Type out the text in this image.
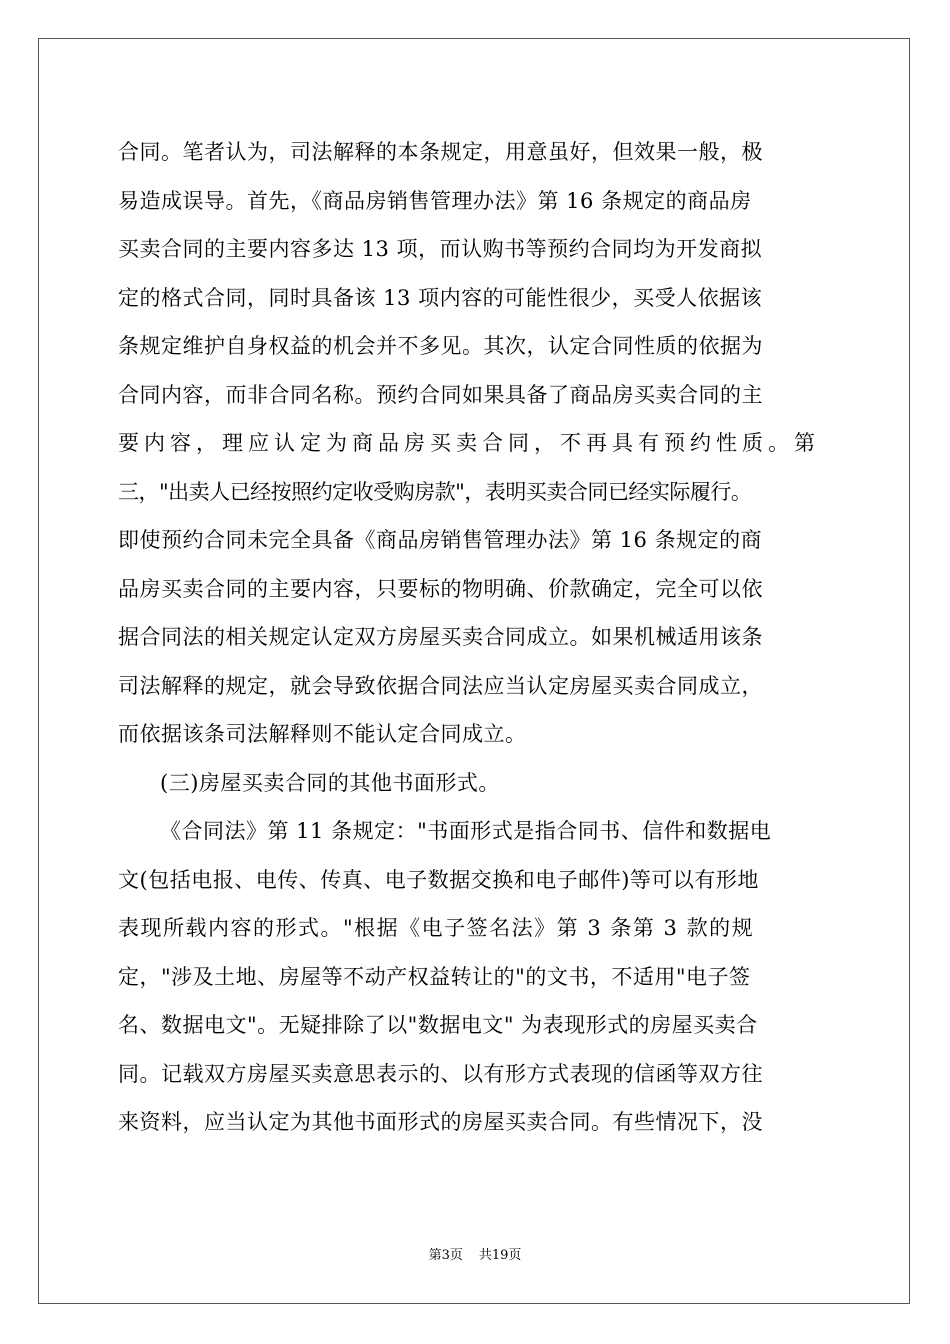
合同。笔者认为，司法解释的本条规定，用意虽好，但效果一般，极
易造成误导。首先，《商品房销售管理办法》第 16 条规定的商品房
买卖合同的主要内容多达 13 项，而认购书等预约合同均为开发商拟
定的格式合同，同时具备该 13 项内容的可能性很少，买受人依据该
条规定维护自身权益的机会并不多见。其次，认定合同性质的依据为
合同内容，而非合同名称。预约合同如果具备了商品房买卖合同的主
要内容，理应认定为商品房买卖合同，不再具有预约性质。第
三，"出卖人已经按照约定收受购房款"，表明买卖合同已经实际履行。
即使预约合同未完全具备《商品房销售管理办法》第 16 条规定的商
品房买卖合同的主要内容，只要标的物明确、价款确定，完全可以依
据合同法的相关规定认定双方房屋买卖合同成立。如果机械适用该条
司法解释的规定，就会导致依据合同法应当认定房屋买卖合同成立，
而依据该条司法解释则不能认定合同成立。
(三)房屋买卖合同的其他书面形式。
《合同法》第 11 条规定："书面形式是指合同书、信件和数据电
文(包括电报、电传、传真、电子数据交换和电子邮件)等可以有形地
表现所载内容的形式。"根据《电子签名法》第 3 条第 3 款的规
定，"涉及土地、房屋等不动产权益转让的"的文书，不适用"电子签
名、数据电文"。无疑排除了以"数据电文" 为表现形式的房屋买卖合
同。记载双方房屋买卖意思表示的、以有形方式表现的信函等双方往
来资料，应当认定为其他书面形式的房屋买卖合同。有些情况下，没
第3页 共19页
